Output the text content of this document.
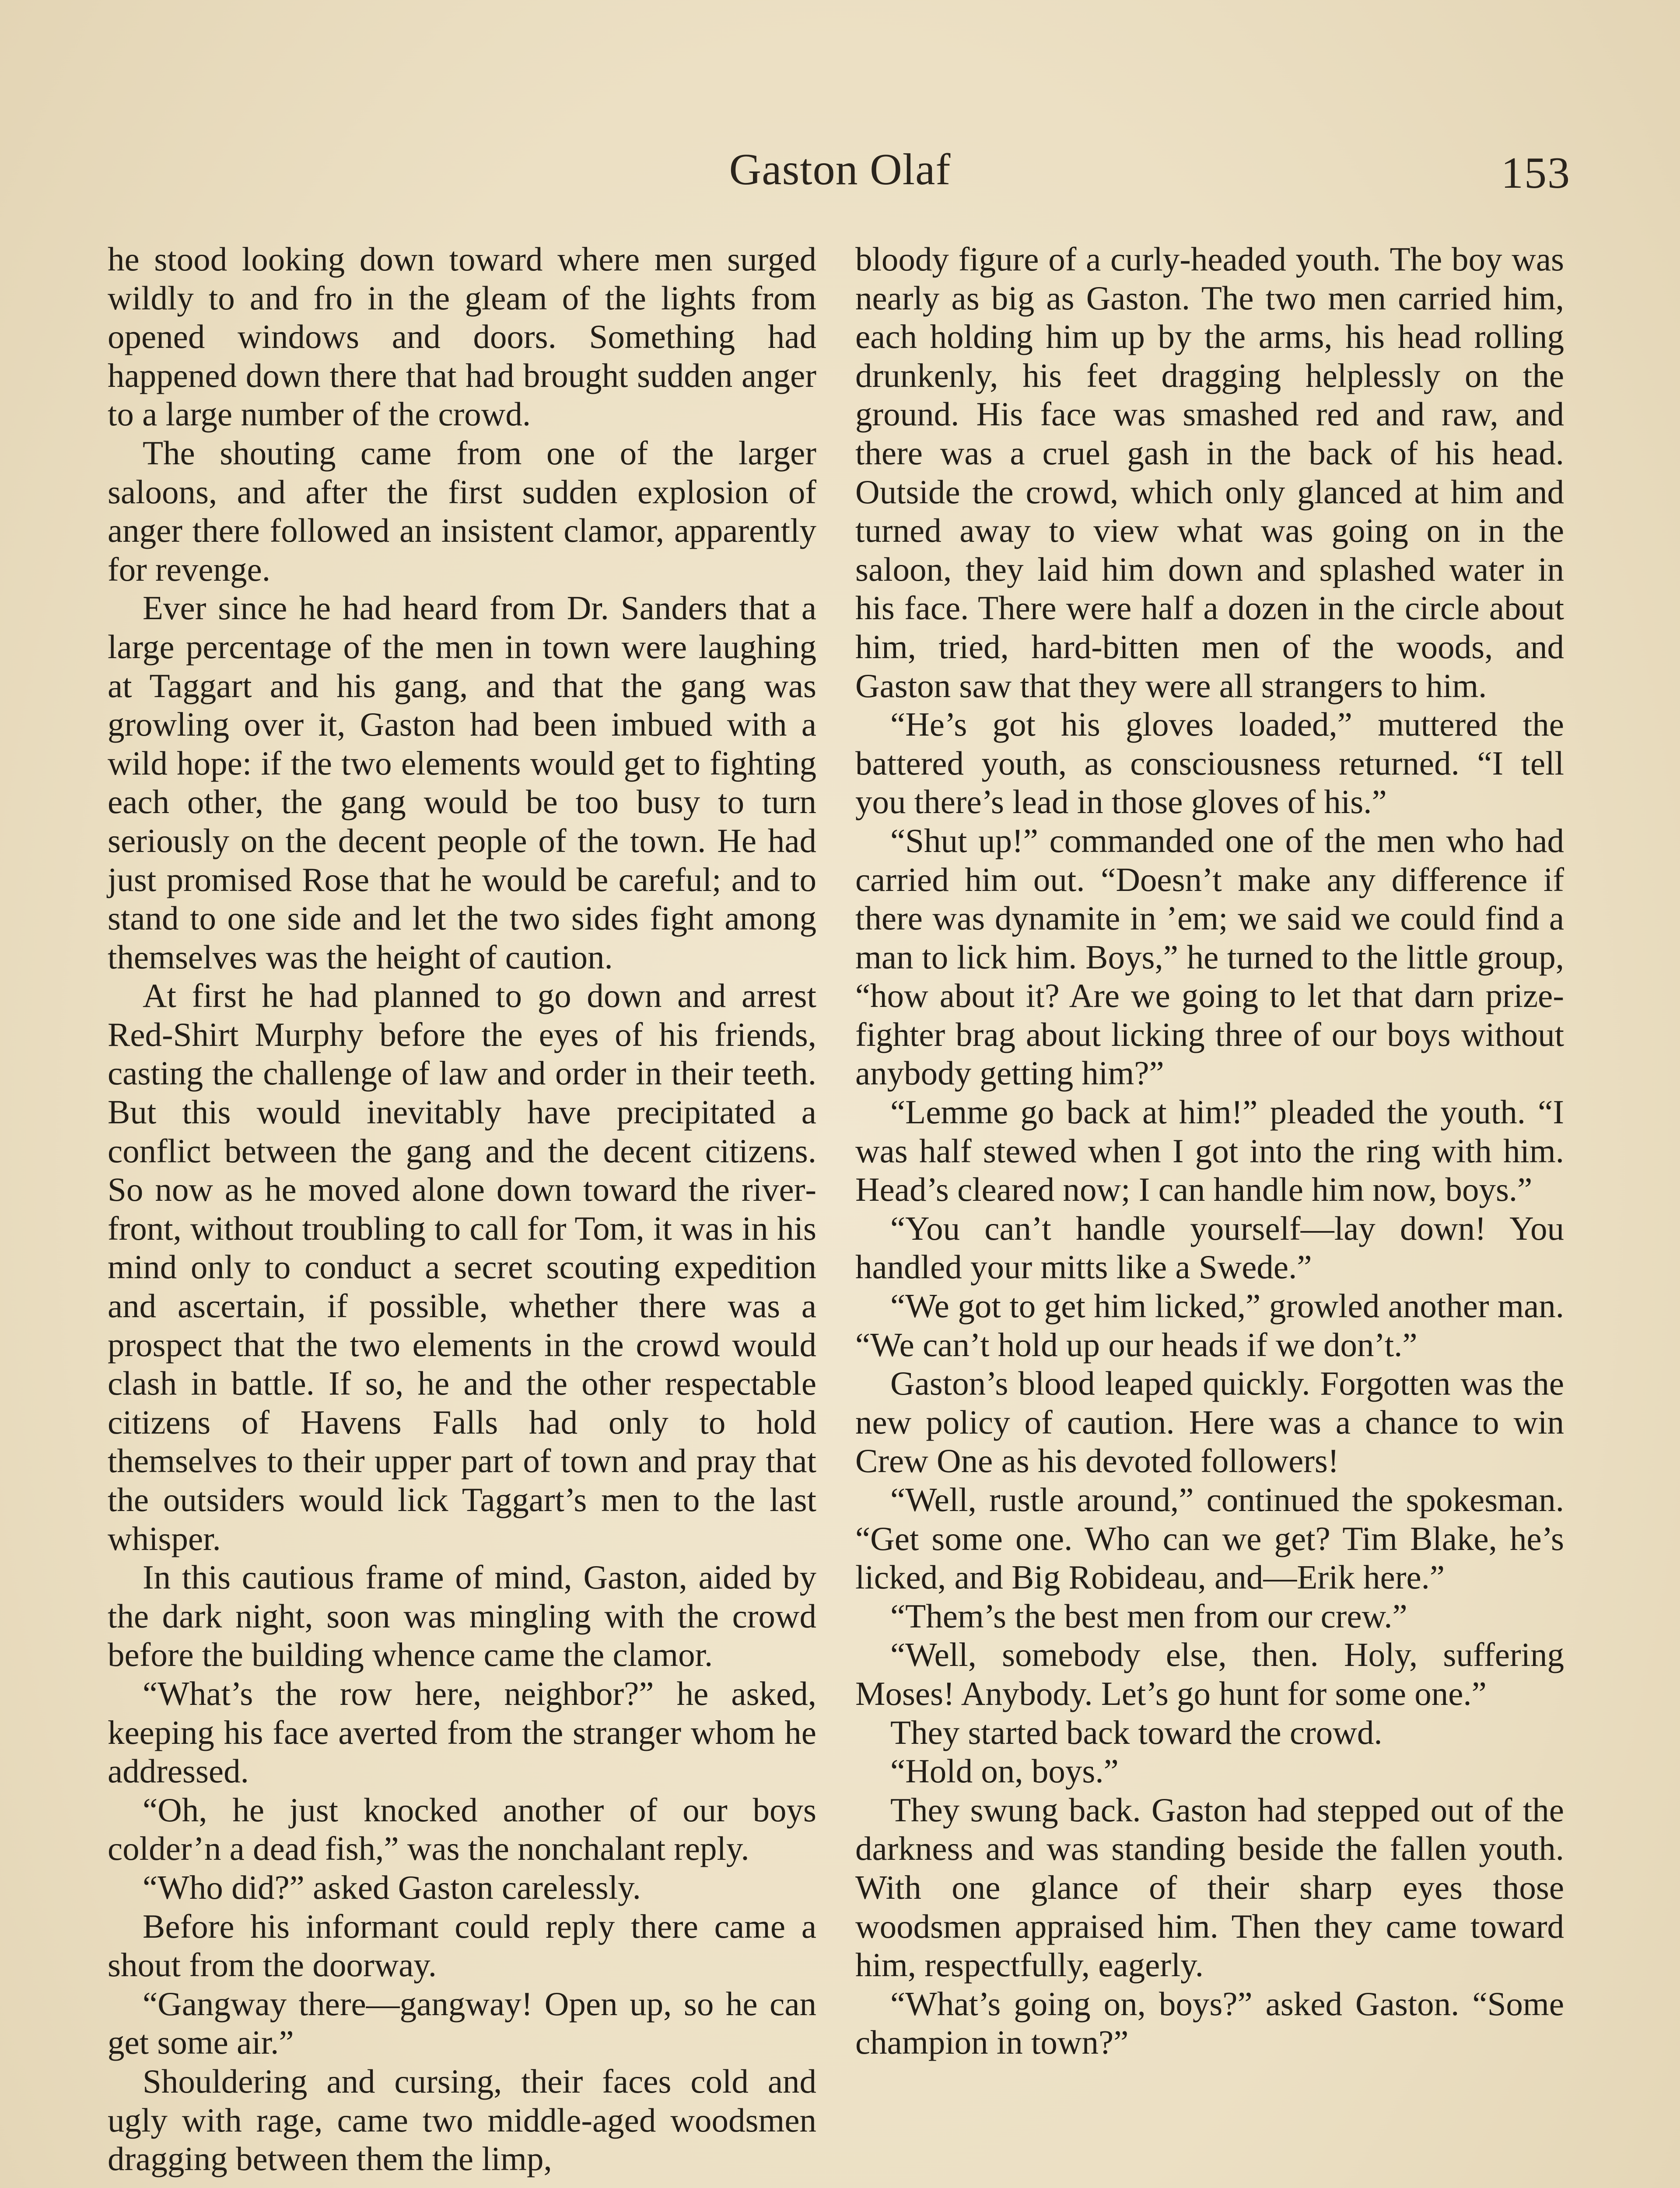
Gaston Olaf	153

he stood looking down toward where men surged wildly to and fro in the gleam of the lights from opened windows and doors. Something had happened down there that had brought sudden anger to a large number of the crowd.

The shouting came from one of the larger saloons, and after the first sudden explosion of anger there followed an insistent clamor, apparently for revenge.

Ever since he had heard from Dr. Sanders that a large percentage of the men in town were laughing at Taggart and his gang, and that the gang was growling over it, Gaston had been imbued with a wild hope: if the two elements would get to fighting each other, the gang would be too busy to turn seriously on the decent people of the town. He had just promised Rose that he would be careful; and to stand to one side and let the two sides fight among themselves was the height of caution.

At first he had planned to go down and arrest Red-Shirt Murphy before the eyes of his friends, casting the challenge of law and order in their teeth. But this would inevitably have precipitated a conflict between the gang and the decent citizens. So now as he moved alone down toward the riverfront, without troubling to call for Tom, it was in his mind only to conduct a secret scouting expedition and ascertain, if possible, whether there was a prospect that the two elements in the crowd would clash in battle. If so, he and the other respectable citizens of Havens Falls had only to hold themselves to their upper part of town and pray that the outsiders would lick Taggart’s men to the last whisper.

In this cautious frame of mind, Gaston, aided by the dark night, soon was mingling with the crowd before the building whence came the clamor.

“What’s the row here, neighbor?” he asked, keeping his face averted from the stranger whom he addressed.

“Oh, he just knocked another of our boys colder’n a dead fish,” was the nonchalant reply.

“Who did?” asked Gaston carelessly.

Before his informant could reply there came a shout from the doorway.

“Gangway there—gangway! Open up, so he can get some air.”

Shouldering and cursing, their faces cold and ugly with rage, came two middle-aged woodsmen dragging between them the limp,

bloody figure of a curly-headed youth. The boy was nearly as big as Gaston. The two men carried him, each holding him up by the arms, his head rolling drunkenly, his feet dragging helplessly on the ground. His face was smashed red and raw, and there was a cruel gash in the back of his head. Outside the crowd, which only glanced at him and turned away to view what was going on in the saloon, they laid him down and splashed water in his face. There were half a dozen in the circle about him, tried, hard-bitten men of the woods, and Gaston saw that they were all strangers to him.

“He’s got his gloves loaded,” muttered the battered youth, as consciousness returned. “I tell you there’s lead in those gloves of his.”

“Shut up!” commanded one of the men who had carried him out. “Doesn’t make any difference if there was dynamite in ’em; we said we could find a man to lick him. Boys,” he turned to the little group, “how about it? Are we going to let that darn prize-fighter brag about licking three of our boys without anybody getting him?”

“Lemme go back at him!” pleaded the youth. “I was half stewed when I got into the ring with him. Head’s cleared now; I can handle him now, boys.”

“You can’t handle yourself—lay down! You handled your mitts like a Swede.”

“We got to get him licked,” growled another man. “We can’t hold up our heads if we don’t.”

Gaston’s blood leaped quickly. Forgotten was the new policy of caution. Here was a chance to win Crew One as his devoted followers!

“Well, rustle around,” continued the spokesman. “Get some one. Who can we get? Tim Blake, he’s licked, and Big Robideau, and—Erik here.”

“Them’s the best men from our crew.”

“Well, somebody else, then. Holy, suffering Moses! Anybody. Let’s go hunt for some one.”

They started back toward the crowd.

“Hold on, boys.”

They swung back. Gaston had stepped out of the darkness and was standing beside the fallen youth. With one glance of their sharp eyes those woodsmen appraised him. Then they came toward him, respectfully, eagerly.

“What’s going on, boys?” asked Gaston. “Some champion in town?”
